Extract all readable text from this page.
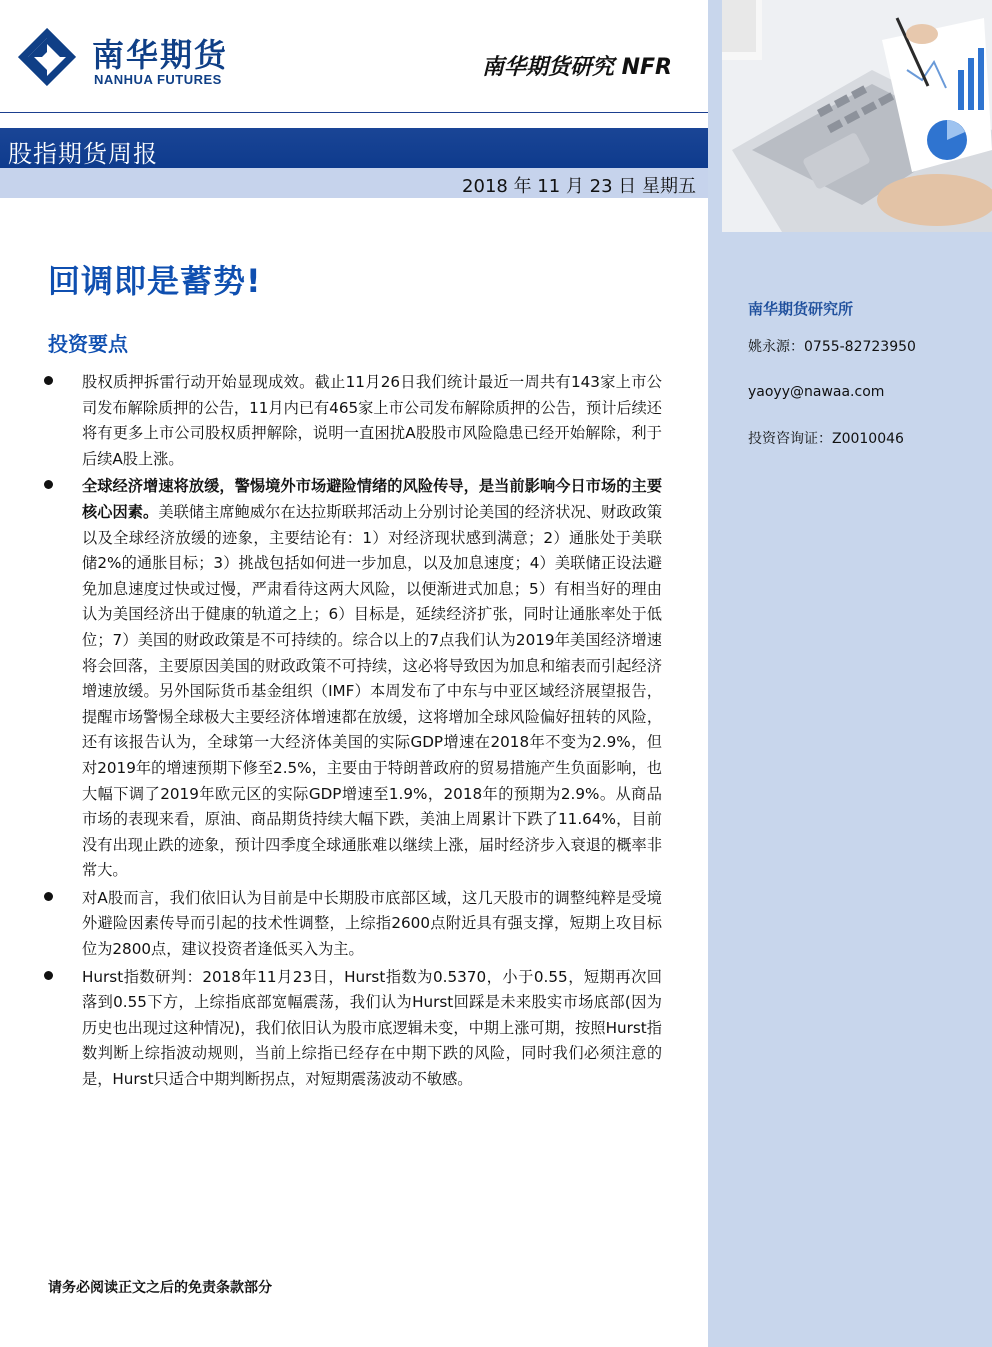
南华期货
NANHUA FUTURES	南华期货研究 NFR
股指期货周报
2018 年 11 月 23 日 星期五
回调即是蓄势!
投资要点
股权质押拆雷行动开始显现成效。截止11月26日我们统计最近一周共有143家上市公司发布解除质押的公告，11月内已有465家上市公司发布解除质押的公告，预计后续还将有更多上市公司股权质押解除，说明一直困扰A股股市风险隐患已经开始解除，利于后续A股上涨。
全球经济增速将放缓，警惕境外市场避险情绪的风险传导，是当前影响今日市场的主要核心因素。美联储主席鲍威尔在达拉斯联邦活动上分别讨论美国的经济状况、财政政策以及全球经济放缓的迹象，主要结论有：1）对经济现状感到满意；2）通胀处于美联储2%的通胀目标；3）挑战包括如何进一步加息，以及加息速度；4）美联储正设法避免加息速度过快或过慢，严肃看待这两大风险，以便渐进式加息；5）有相当好的理由认为美国经济出于健康的轨道之上；6）目标是，延续经济扩张，同时让通胀率处于低位；7）美国的财政政策是不可持续的。综合以上的7点我们认为2019年美国经济增速将会回落，主要原因美国的财政政策不可持续，这必将导致因为加息和缩表而引起经济增速放缓。另外国际货币基金组织（IMF）本周发布了中东与中亚区域经济展望报告，提醒市场警惕全球极大主要经济体增速都在放缓，这将增加全球风险偏好扭转的风险，还有该报告认为，全球第一大经济体美国的实际GDP增速在2018年不变为2.9%，但对2019年的增速预期下修至2.5%，主要由于特朗普政府的贸易措施产生负面影响，也大幅下调了2019年欧元区的实际GDP增速至1.9%，2018年的预期为2.9%。从商品市场的表现来看，原油、商品期货持续大幅下跌，美油上周累计下跌了11.64%，目前没有出现止跌的迹象，预计四季度全球通胀难以继续上涨，届时经济步入衰退的概率非常大。
对A股而言，我们依旧认为目前是中长期股市底部区域，这几天股市的调整纯粹是受境外避险因素传导而引起的技术性调整，上综指2600点附近具有强支撑，短期上攻目标位为2800点，建议投资者逢低买入为主。
Hurst指数研判：2018年11月23日，Hurst指数为0.5370，小于0.55，短期再次回落到0.55下方，上综指底部宽幅震荡，我们认为Hurst回踩是未来股实市场底部(因为历史也出现过这种情况)，我们依旧认为股市底逻辑未变，中期上涨可期，按照Hurst指数判断上综指波动规则，当前上综指已经存在中期下跌的风险，同时我们必须注意的是，Hurst只适合中期判断拐点，对短期震荡波动不敏感。
请务必阅读正文之后的免责条款部分
南华期货研究所
姚永源：0755-82723950
yaoyy@nawaa.com
投资咨询证：Z0010046
